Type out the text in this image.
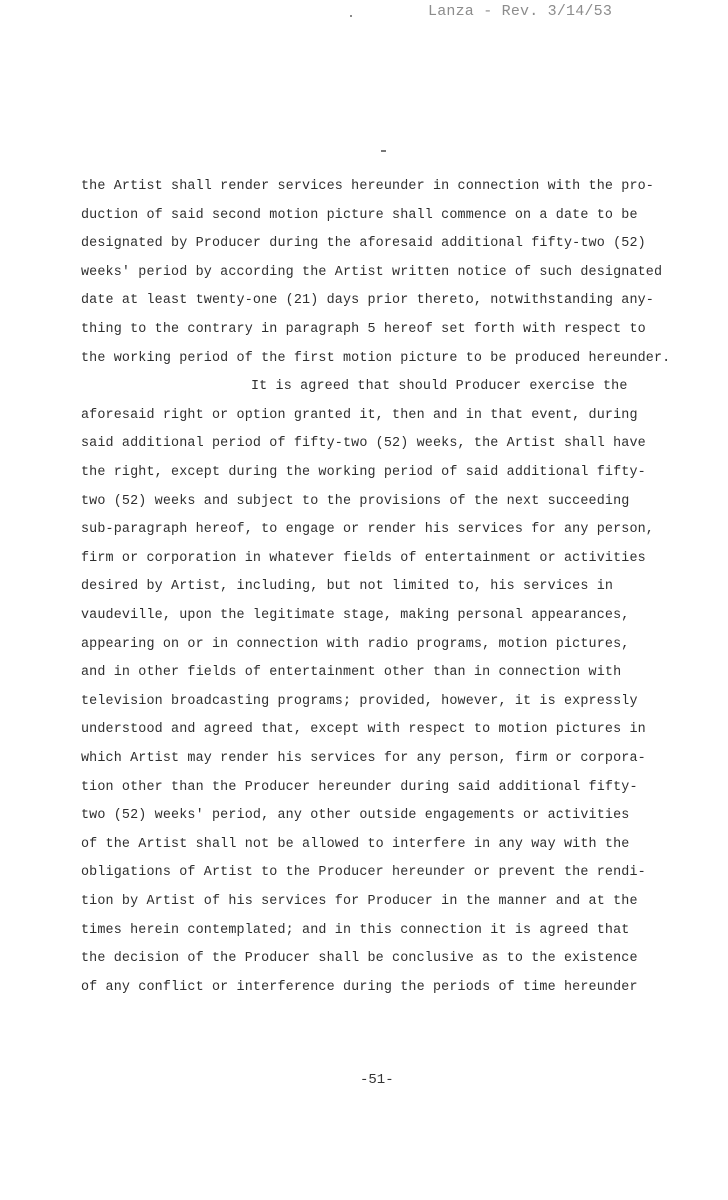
Lanza - Rev. 3/14/53
the Artist shall render services hereunder in connection with the pro-
duction of said second motion picture shall commence on a date to be
designated by Producer during the aforesaid additional fifty-two (52)
weeks' period by according the Artist written notice of such designated
date at least twenty-one (21) days prior thereto, notwithstanding any-
thing to the contrary in paragraph 5 hereof set forth with respect to
the working period of the first motion picture to be produced hereunder.
It is agreed that should Producer exercise the
aforesaid right or option granted it, then and in that event, during
said additional period of fifty-two (52) weeks, the Artist shall have
the right, except during the working period of said additional fifty-
two (52) weeks and subject to the provisions of the next succeeding
sub-paragraph hereof, to engage or render his services for any person,
firm or corporation in whatever fields of entertainment or activities
desired by Artist, including, but not limited to, his services in
vaudeville, upon the legitimate stage, making personal appearances,
appearing on or in connection with radio programs, motion pictures,
and in other fields of entertainment other than in connection with
television broadcasting programs; provided, however, it is expressly
understood and agreed that, except with respect to motion pictures in
which Artist may render his services for any person, firm or corpora-
tion other than the Producer hereunder during said additional fifty-
two (52) weeks' period, any other outside engagements or activities
of the Artist shall not be allowed to interfere in any way with the
obligations of Artist to the Producer hereunder or prevent the rendi-
tion by Artist of his services for Producer in the manner and at the
times herein contemplated; and in this connection it is agreed that
the decision of the Producer shall be conclusive as to the existence
of any conflict or interference during the periods of time hereunder
-51-
